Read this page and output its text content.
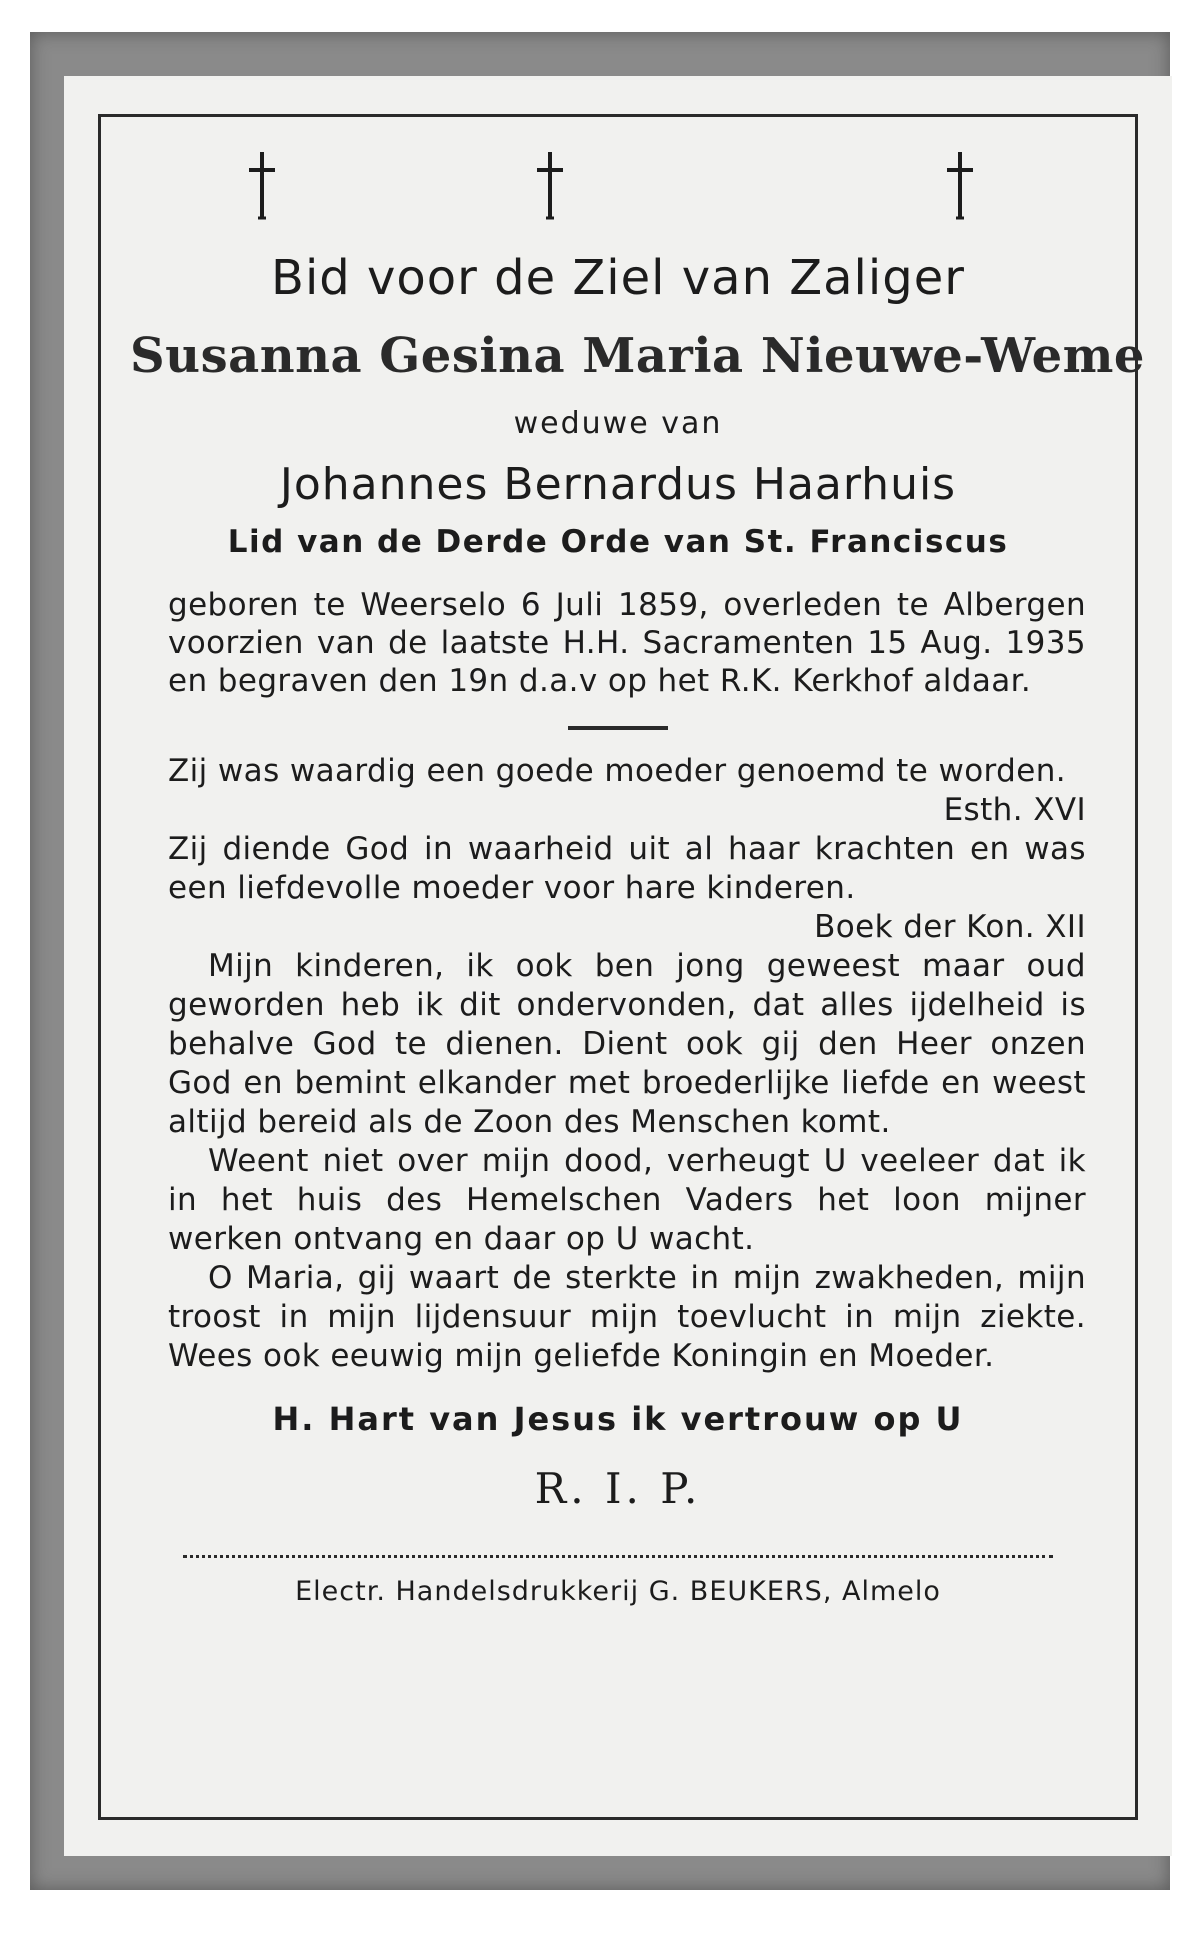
Bid voor de Ziel van Zaliger

Susanna Gesina Maria Nieuwe-Weme

weduwe van

Johannes Bernardus Haarhuis

Lid van de Derde Orde van St. Franciscus

geboren te Weerselo 6 Juli 1859, overleden te Albergen voorzien van de laatste H.H. Sacramenten 15 Aug. 1935 en begraven den 19n d.a.v op het R.K. Kerkhof aldaar.

Zij was waardig een goede moeder genoemd te worden.
Esth. XVI

Zij diende God in waarheid uit al haar krachten en was een liefdevolle moeder voor hare kinderen.
Boek der Kon. XII

Mijn kinderen, ik ook ben jong geweest maar oud geworden heb ik dit ondervonden, dat alles ijdelheid is behalve God te dienen. Dient ook gij den Heer onzen God en bemint elkander met broederlijke liefde en weest altijd bereid als de Zoon des Menschen komt.

Weent niet over mijn dood, verheugt U veeleer dat ik in het huis des Hemelschen Vaders het loon mijner werken ontvang en daar op U wacht.

O Maria, gij waart de sterkte in mijn zwakheden, mijn troost in mijn lijdensuur mijn toevlucht in mijn ziekte. Wees ook eeuwig mijn geliefde Koningin en Moeder.

H. Hart van Jesus ik vertrouw op U

R. I. P.

Electr. Handelsdrukkerij G. BEUKERS, Almelo
